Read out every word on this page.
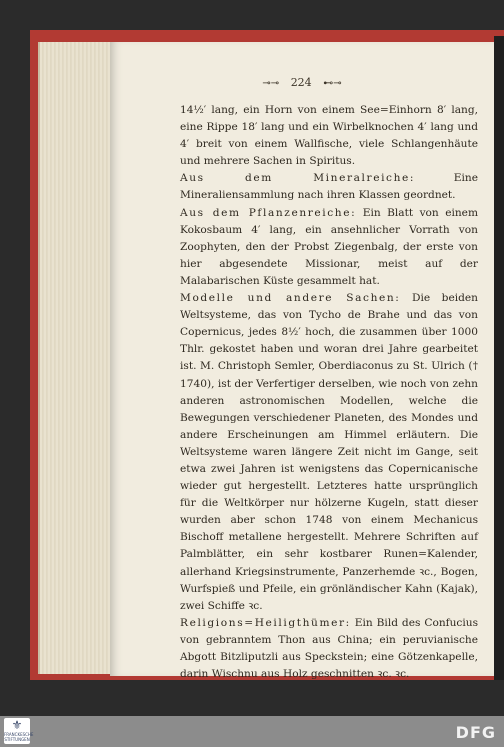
⊸⊸ 224 ⊷⊸

14½′ lang, ein Horn von einem See=Einhorn 8′ lang, eine Rippe 18′ lang und ein Wirbelknochen 4′ lang und 4′ breit von einem Wallfische, viele Schlangenhäute und mehrere Sachen in Spiritus.

Aus dem Mineralreiche: Eine Mineraliensammlung nach ihren Klassen geordnet.

Aus dem Pflanzenreiche: Ein Blatt von einem Kokosbaum 4′ lang, ein ansehnlicher Vorrath von Zoophyten, den der Probst Ziegenbalg, der erste von hier abgesendete Missionar, meist auf der Malabarischen Küste gesammelt hat.

Modelle und andere Sachen: Die beiden Weltsysteme, das von Tycho de Brahe und das von Copernicus, jedes 8½′ hoch, die zusammen über 1000 Thlr. gekostet haben und woran drei Jahre gearbeitet ist. M. Christoph Semler, Oberdiaconus zu St. Ulrich († 1740), ist der Verfertiger derselben, wie noch von zehn anderen astronomischen Modellen, welche die Bewegungen verschiedener Planeten, des Mondes und andere Erscheinungen am Himmel erläutern. Die Weltsysteme waren längere Zeit nicht im Gange, seit etwa zwei Jahren ist wenigstens das Copernicanische wieder gut hergestellt. Letzteres hatte ursprünglich für die Weltkörper nur hölzerne Kugeln, statt dieser wurden aber schon 1748 von einem Mechanicus Bischoff metallene hergestellt. Mehrere Schriften auf Palmblätter, ein sehr kostbarer Runen=Kalender, allerhand Kriegsinstrumente, Panzerhemde ꝛc., Bogen, Wurfspieß und Pfeile, ein grönländischer Kahn (Kajak), zwei Schiffe ꝛc.

Religions=Heiligthümer: Ein Bild des Confucius von gebranntem Thon aus China; ein peruvianische Abgott Bitzliputzli aus Speckstein; eine Götzenkapelle, darin Wischnu aus Holz geschnitten ꝛc. ꝛc.

⚜
FRANCKESCHE STIFTUNGEN	DFG
